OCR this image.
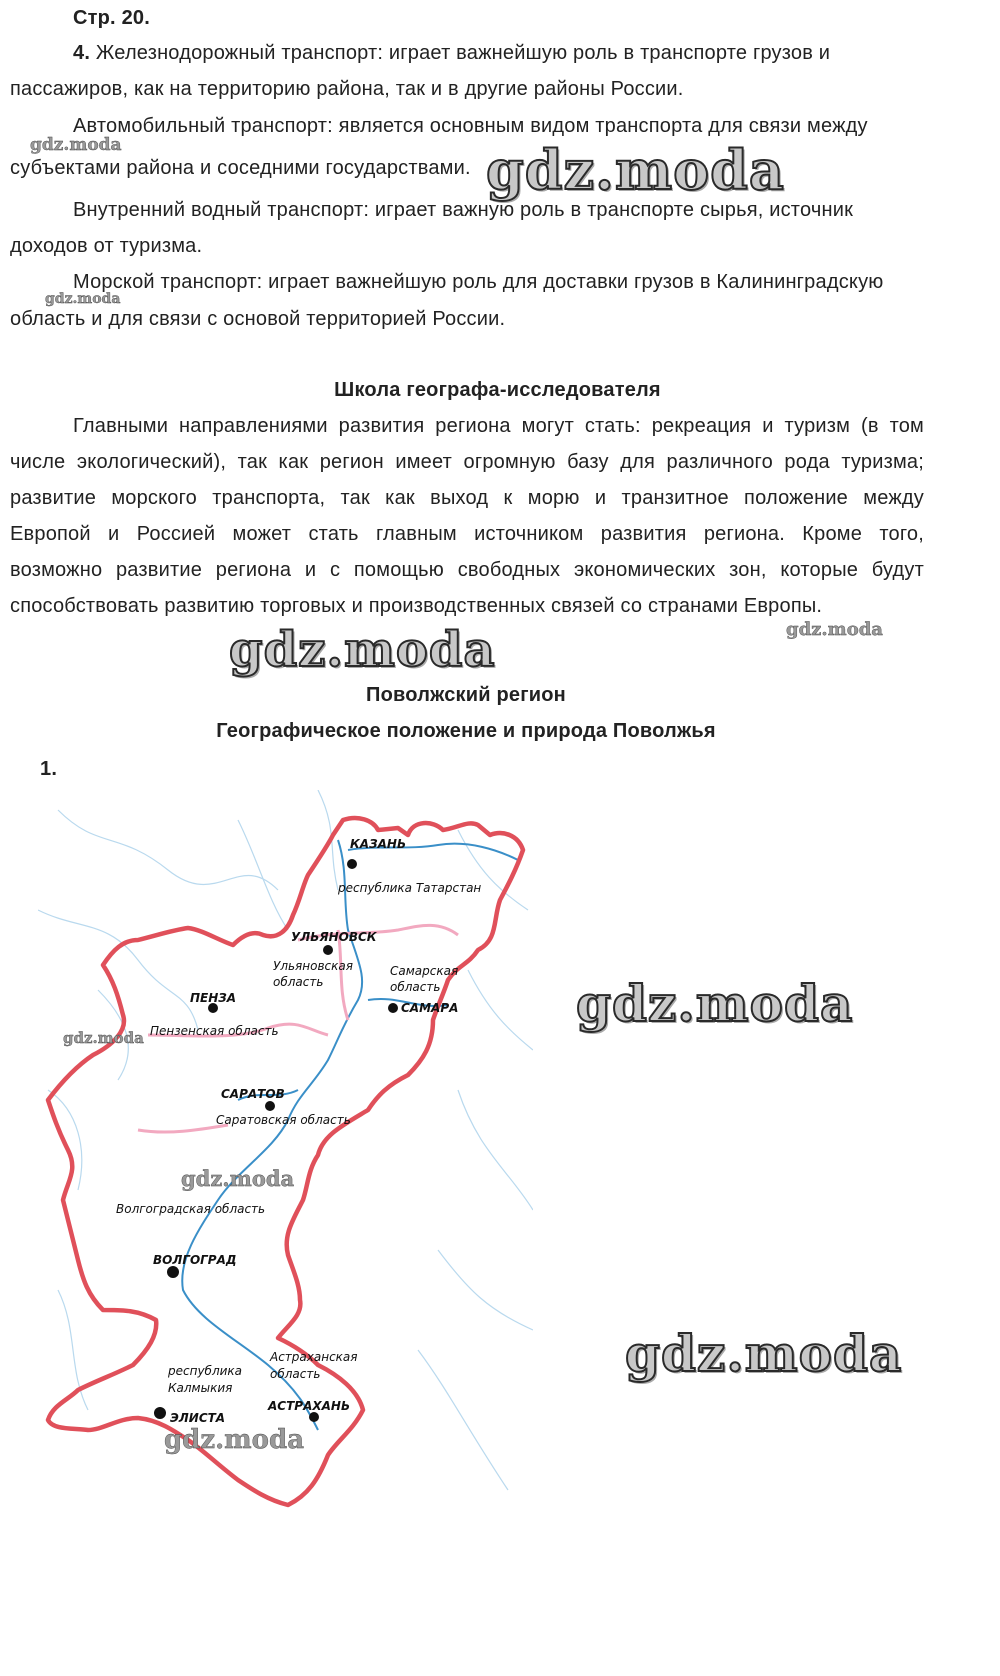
Стр. 20.
4. Железнодорожный транспорт: играет важнейшую роль в транспорте грузов и
пассажиров, как на территорию района, так и в другие районы России.
Автомобильный транспорт: является основным видом транспорта для связи между
субъектами района и соседними государствами.
Внутренний водный транспорт: играет важную роль в транспорте сырья, источник
доходов от туризма.
Морской транспорт: играет важнейшую роль для доставки грузов в Калининградскую
область и для связи с основой территорией России.
Школа географа-исследователя
Главными направлениями развития региона могут стать: рекреация и туризм (в том
числе экологический), так как регион имеет огромную базу для различного рода туризма;
развитие морского транспорта, так как выход к морю и транзитное положение между
Европой и Россией может стать главным источником развития региона. Кроме того,
возможно развитие региона и с помощью свободных экономических зон, которые будут
способствовать развитию торговых и производственных связей со странами Европы.
Поволжский регион
Географическое положение и природа Поволжья
1.
КАЗАНЬ
УЛЬЯНОВСК
САМАРА
ПЕНЗА
САРАТОВ
ВОЛГОГРАД
ЭЛИСТА
АСТРАХАНЬ
республика Татарстан
Ульяновская
область
Самарская
область
Пензенская область
Саратовская область
Волгоградская область
республика
Калмыкия
Астраханская
область
gdz.moda	gdz.moda
gdz.moda
gdz.moda
gdz.moda
gdz.moda
gdz.moda
gdz.moda
gdz.moda
gdz.moda
